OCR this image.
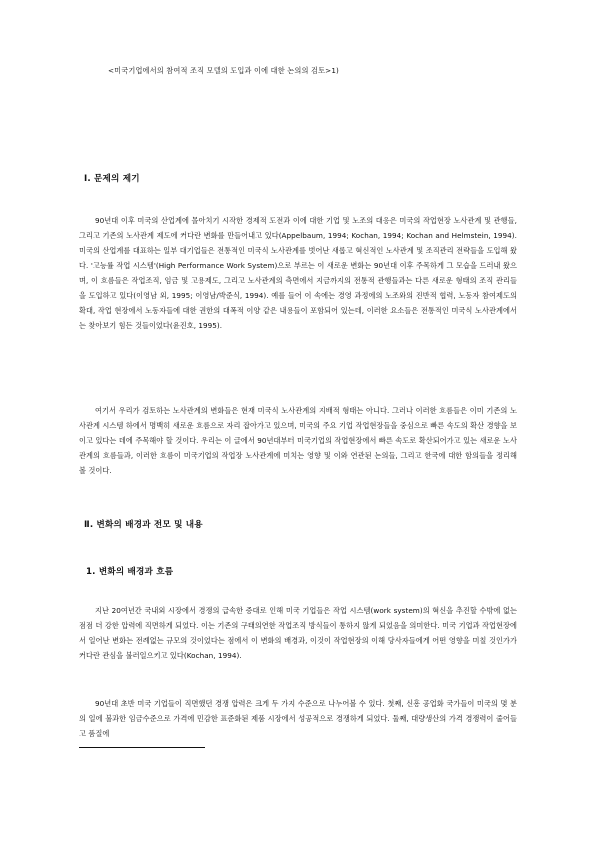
<미국기업에서의 참여적 조직 모델의 도입과 이에 대한 논의의 검토>1)

Ⅰ. 문제의 제기

90년대 이후 미국의 산업계에 몰아치기 시작한 경제적 도전과 이에 대한 기업 및 노조의 대응은 미국의 작업현장 노사관계 및 관행들, 그리고 기존의 노사관계 제도에 커다란 변화를 만들어내고 있다(Appelbaum, 1994; Kochan, 1994; Kochan and Helmstein, 1994). 미국의 산업계를 대표하는 일부 대기업들은 전통적인 미국식 노사관계를 벗어난 새롭고 혁신적인 노사관계 및 조직관리 전략들을 도입해 왔다. '고능률 작업 시스템'(High Performance Work System)으로 부르는 이 새로운 변화는 90년대 이후 주목하게 그 모습을 드러내 왔으며, 이 흐름들은 작업조직, 임금 및 고용제도, 그리고 노사관계의 측면에서 지금까지의 전통적 관행들과는 다른 새로운 형태의 조직 관리들을 도입하고 있다(이영남 외, 1995; 이영남/박준식, 1994). 예를 들어 이 속에는 경영 과정에의 노조와의 진반적 협력, 노동자 참여제도의 확대, 작업 현장에서 노동자들에 대한 권한의 대폭적 이양 같은 내용들이 포함되어 있는데, 이러한 요소들은 전통적인 미국식 노사관계에서는 찾아보기 힘든 것들이었다(윤진호, 1995).

여기서 우리가 검토하는 노사관계의 변화들은 현재 미국식 노사관계의 지배적 형태는 아니다. 그러나 이러한 흐름들은 이미 기존의 노사관계 시스템 하에서 명백히 새로운 흐름으로 자리 잡아가고 있으며, 미국의 주요 기업 작업현장들을 중심으로 빠른 속도의 확산 경향을 보이고 있다는 데에 주목해야 할 것이다. 우리는 이 글에서 90년대부터 미국기업의 작업현장에서 빠른 속도로 확산되어가고 있는 새로운 노사관계의 흐름들과, 이러한 흐름이 미국기업의 작업장 노사관계에 미치는 영향 및 이와 연관된 논의들, 그리고 한국에 대한 함의들을 정리해 볼 것이다.

Ⅱ. 변화의 배경과 전모 및 내용

1. 변화의 배경과 흐름

지난 20여년간 국내외 시장에서 경쟁의 급속한 증대로 인해 미국 기업들은 작업 시스템(work system)의 혁신을 추진할 수밖에 없는 점점 더 강한 압력에 직면하게 되었다. 이는 기존의 구태의연한 작업조직 방식들이 통하지 않게 되었음을 의미한다. 미국 기업과 작업현장에서 일어난 변화는 전례없는 규모의 것이었다는 점에서 이 변화의 배경과, 이것이 작업현장의 이해 당사자들에게 어떤 영향을 미칠 것인가가 커다란 관심을 불러일으키고 있다(Kochan, 1994).

90년대 초반 미국 기업들이 직면했던 경쟁 압력은 크게 두 가지 수준으로 나누어볼 수 있다. 첫째, 신흥 공업화 국가들이 미국의 몇 분의 일에 불과한 임금수준으로 가격에 민감한 표준화된 제품 시장에서 성공적으로 경쟁하게 되었다. 둘째, 대량생산의 가격 경쟁력이 줄어들고 품질에
